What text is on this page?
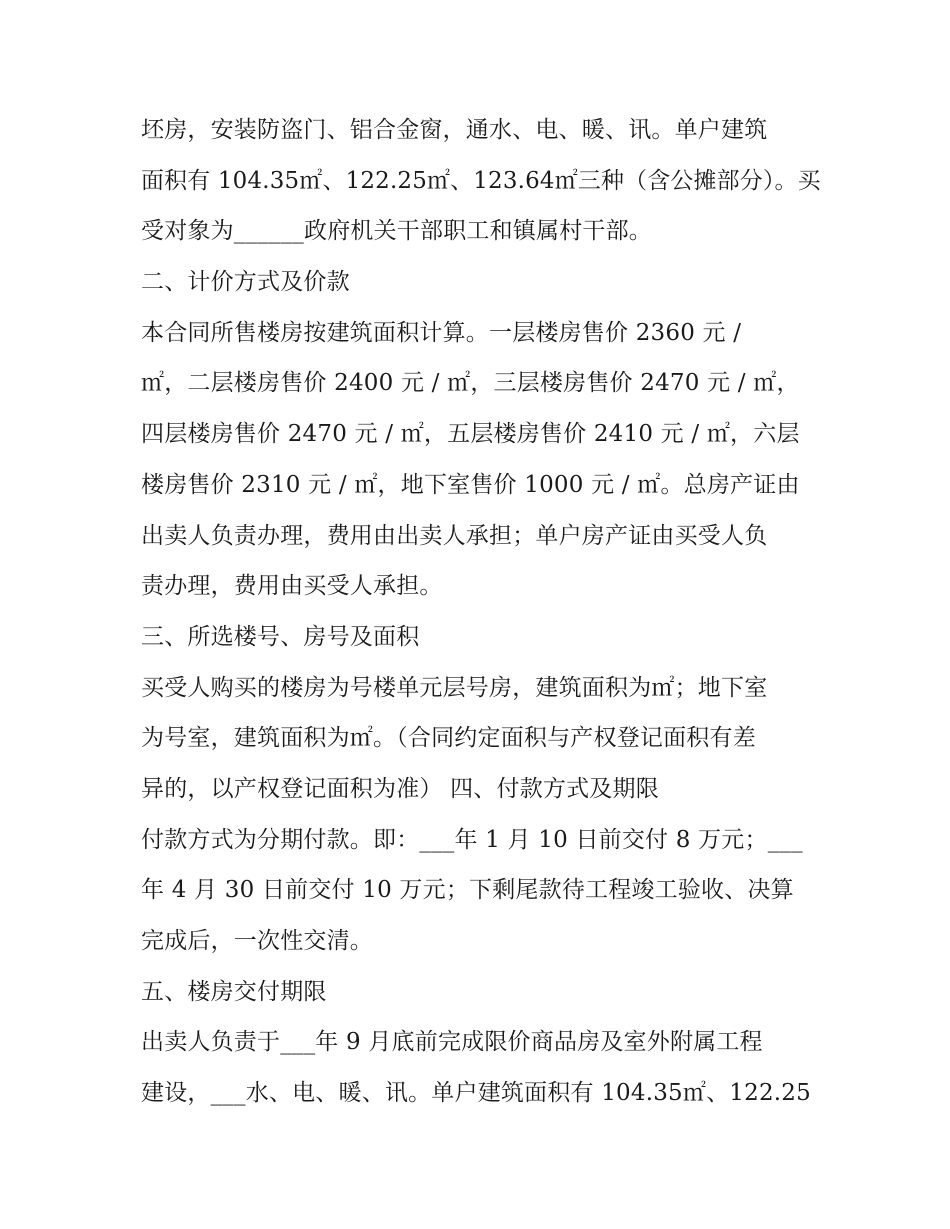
坯房，安装防盗门、铝合金窗，通水、电、暖、讯。单户建筑
面积有 104.35㎡、122.25㎡、123.64㎡三种（含公摊部分）。买
受对象为______政府机关干部职工和镇属村干部。
二、计价方式及价款
本合同所售楼房按建筑面积计算。一层楼房售价 2360 元 /
㎡，二层楼房售价 2400 元 / ㎡，三层楼房售价 2470 元 / ㎡，
四层楼房售价 2470 元 / ㎡，五层楼房售价 2410 元 / ㎡，六层
楼房售价 2310 元 / ㎡，地下室售价 1000 元 / ㎡。总房产证由
出卖人负责办理，费用由出卖人承担；单户房产证由买受人负
责办理，费用由买受人承担。
三、所选楼号、房号及面积
买受人购买的楼房为号楼单元层号房，建筑面积为㎡；地下室
为号室，建筑面积为㎡。（合同约定面积与产权登记面积有差
异的，以产权登记面积为准） 四、付款方式及期限
付款方式为分期付款。即：___年 1 月 10 日前交付 8 万元；___
年 4 月 30 日前交付 10 万元；下剩尾款待工程竣工验收、决算
完成后，一次性交清。
五、楼房交付期限
出卖人负责于___年 9 月底前完成限价商品房及室外附属工程
建设，___水、电、暖、讯。单户建筑面积有 104.35㎡、122.25
